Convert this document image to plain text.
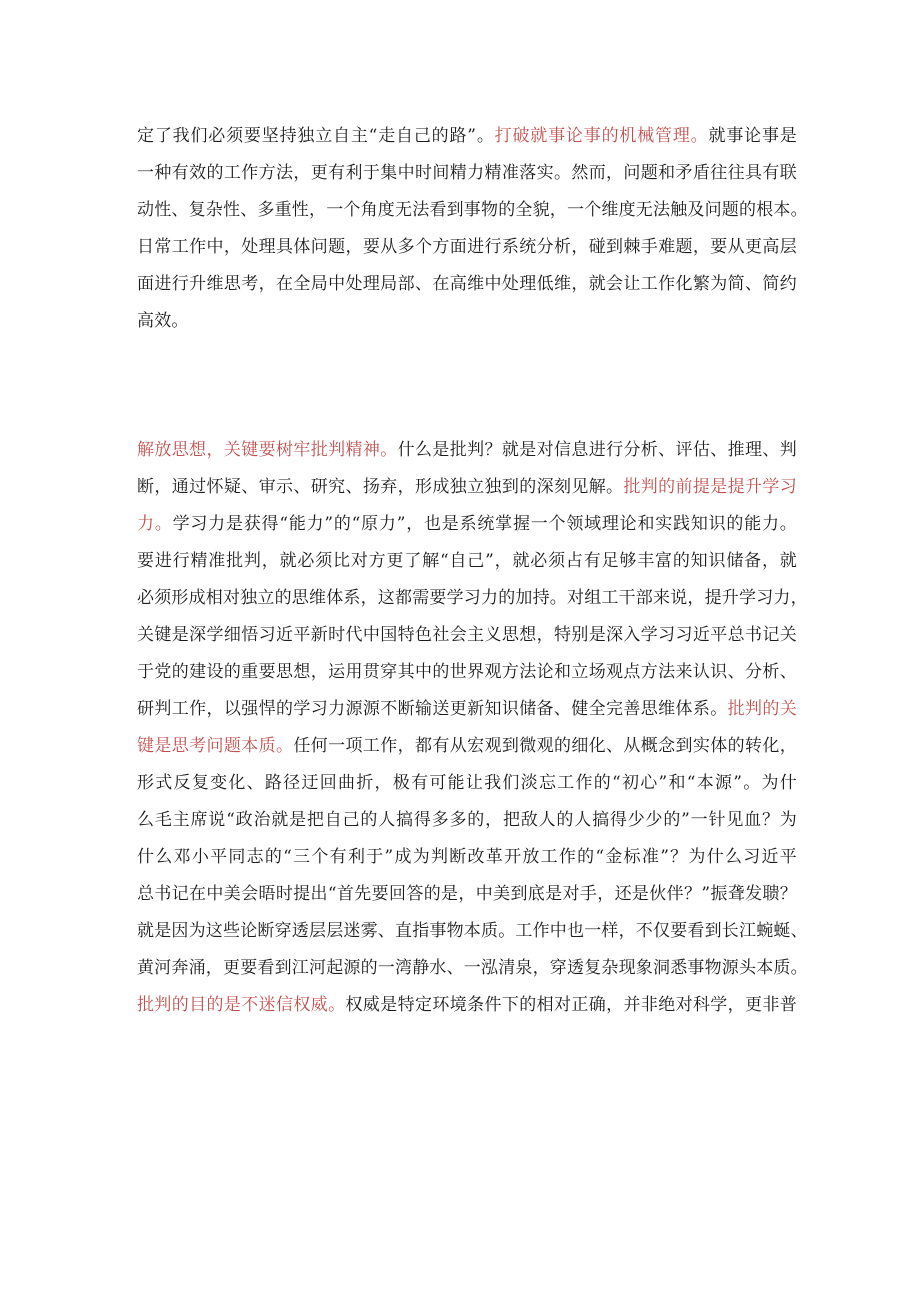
定了我们必须要坚持独立自主“走自己的路”。打破就事论事的机械管理。就事论事是
一种有效的工作方法，更有利于集中时间精力精准落实。然而，问题和矛盾往往具有联
动性、复杂性、多重性，一个角度无法看到事物的全貌，一个维度无法触及问题的根本。
日常工作中，处理具体问题，要从多个方面进行系统分析，碰到棘手难题，要从更高层
面进行升维思考，在全局中处理局部、在高维中处理低维，就会让工作化繁为简、简约
高效。
解放思想，关键要树牢批判精神。什么是批判？就是对信息进行分析、评估、推理、判
断，通过怀疑、审示、研究、扬弃，形成独立独到的深刻见解。批判的前提是提升学习
力。学习力是获得“能力”的“原力”，也是系统掌握一个领域理论和实践知识的能力。
要进行精准批判，就必须比对方更了解“自己”，就必须占有足够丰富的知识储备，就
必须形成相对独立的思维体系，这都需要学习力的加持。对组工干部来说，提升学习力，
关键是深学细悟习近平新时代中国特色社会主义思想，特别是深入学习习近平总书记关
于党的建设的重要思想，运用贯穿其中的世界观方法论和立场观点方法来认识、分析、
研判工作，以强悍的学习力源源不断输送更新知识储备、健全完善思维体系。批判的关
键是思考问题本质。任何一项工作，都有从宏观到微观的细化、从概念到实体的转化，
形式反复变化、路径迂回曲折，极有可能让我们淡忘工作的“初心”和“本源”。为什
么毛主席说“政治就是把自己的人搞得多多的，把敌人的人搞得少少的”一针见血？为
什么邓小平同志的“三个有利于”成为判断改革开放工作的“金标准”？为什么习近平
总书记在中美会晤时提出“首先要回答的是，中美到底是对手，还是伙伴？”振聋发聩？
就是因为这些论断穿透层层迷雾、直指事物本质。工作中也一样，不仅要看到长江蜿蜒、
黄河奔涌，更要看到江河起源的一湾静水、一泓清泉，穿透复杂现象洞悉事物源头本质。
批判的目的是不迷信权威。权威是特定环境条件下的相对正确，并非绝对科学，更非普
